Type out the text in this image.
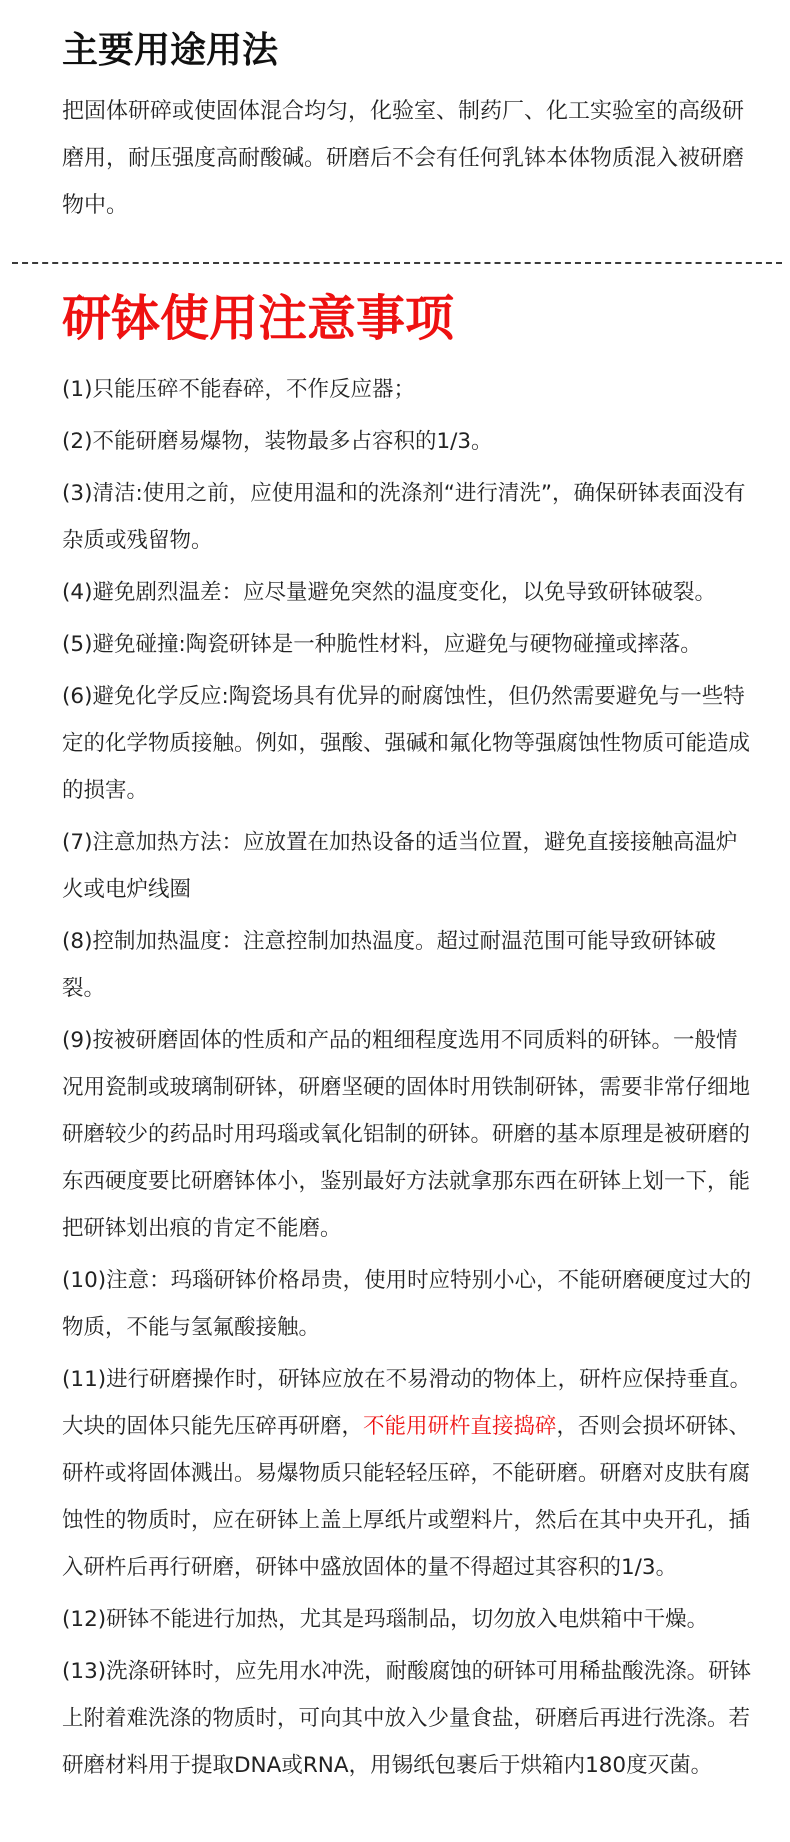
主要用途用法
把固体研碎或使固体混合均匀，化验室、制药厂、化工实验室的高级研磨用，耐压强度高耐酸碱。研磨后不会有任何乳钵本体物质混入被研磨物中。
研钵使用注意事项

(1)只能压碎不能舂碎，不作反应器；

(2)不能研磨易爆物，装物最多占容积的1/3。

(3)清洁:使用之前，应使用温和的洗涤剂“进行清洗”，确保研钵表面没有杂质或残留物。

(4)避免剧烈温差：应尽量避免突然的温度变化，以免导致研钵破裂。

(5)避免碰撞:陶瓷研钵是一种脆性材料，应避免与硬物碰撞或摔落。

(6)避免化学反应:陶瓷场具有优异的耐腐蚀性，但仍然需要避免与一些特定的化学物质接触。例如，强酸、强碱和氟化物等强腐蚀性物质可能造成的损害。

(7)注意加热方法：应放置在加热设备的适当位置，避免直接接触高温炉火或电炉线圈

(8)控制加热温度：注意控制加热温度。超过耐温范围可能导致研钵破裂。

(9)按被研磨固体的性质和产品的粗细程度选用不同质料的研钵。一般情况用瓷制或玻璃制研钵，研磨坚硬的固体时用铁制研钵，需要非常仔细地研磨较少的药品时用玛瑙或氧化铝制的研钵。研磨的基本原理是被研磨的东西硬度要比研磨钵体小，鉴别最好方法就拿那东西在研钵上划一下，能把研钵划出痕的肯定不能磨。

(10)注意：玛瑙研钵价格昂贵，使用时应特别小心，不能研磨硬度过大的物质，不能与氢氟酸接触。

(11)进行研磨操作时，研钵应放在不易滑动的物体上，研杵应保持垂直。大块的固体只能先压碎再研磨，不能用研杵直接捣碎，否则会损坏研钵、研杵或将固体溅出。易爆物质只能轻轻压碎，不能研磨。研磨对皮肤有腐蚀性的物质时，应在研钵上盖上厚纸片或塑料片，然后在其中央开孔，插入研杵后再行研磨，研钵中盛放固体的量不得超过其容积的1/3。

(12)研钵不能进行加热，尤其是玛瑙制品，切勿放入电烘箱中干燥。

(13)洗涤研钵时，应先用水冲洗，耐酸腐蚀的研钵可用稀盐酸洗涤。研钵上附着难洗涤的物质时，可向其中放入少量食盐，研磨后再进行洗涤。若研磨材料用于提取DNA或RNA，用锡纸包裹后于烘箱内180度灭菌。
